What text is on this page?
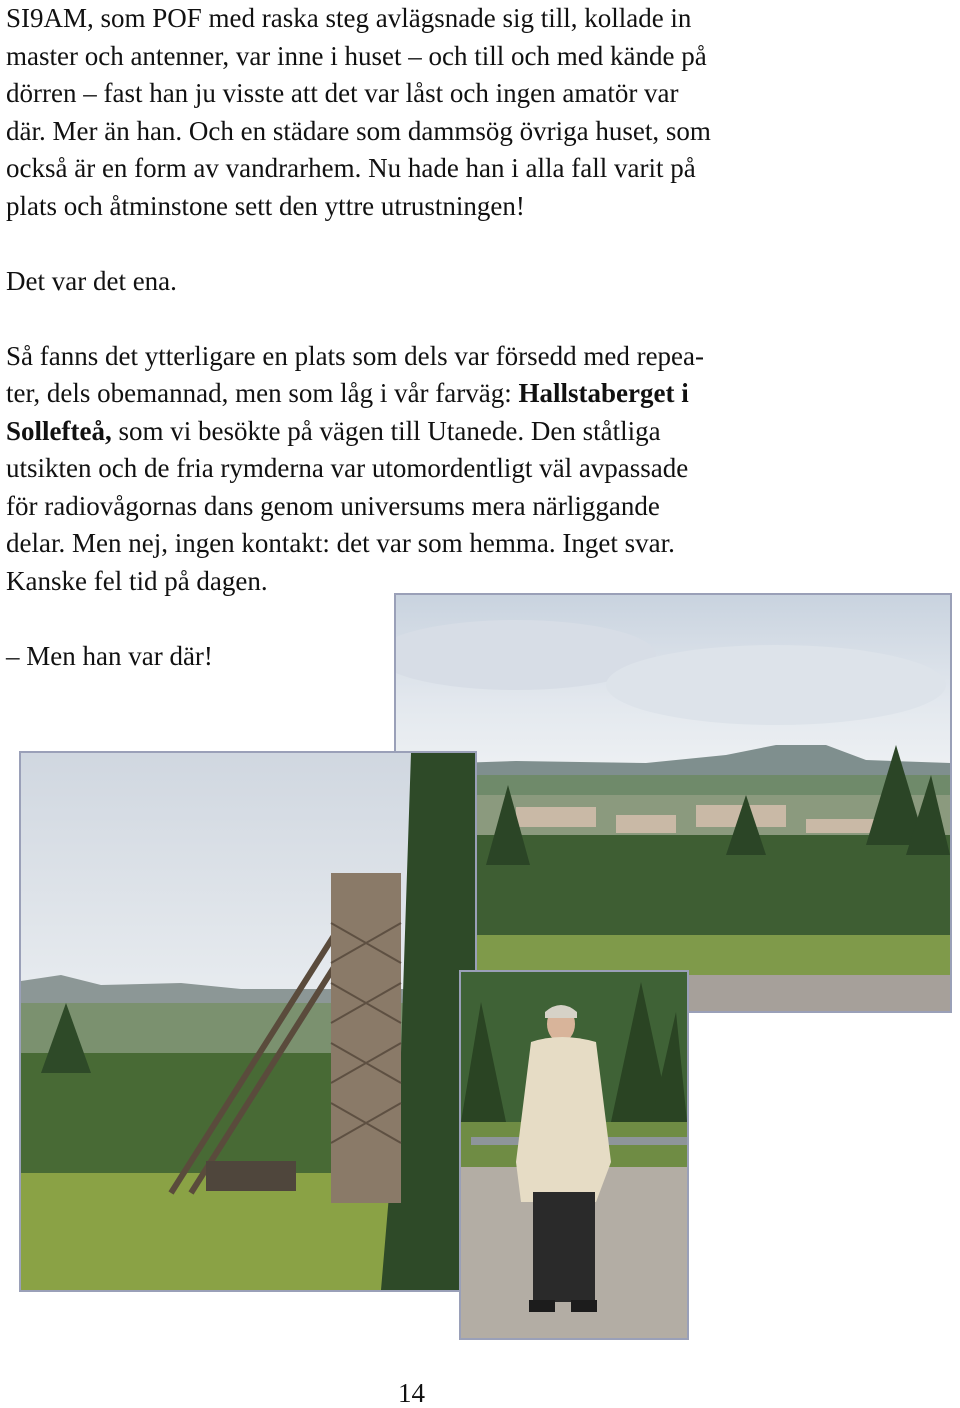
SI9AM, som POF med raska steg avlägsnade sig till, kollade in
master och antenner, var inne i huset – och till och med kände på
dörren – fast han ju visste att det var låst och ingen amatör var
där. Mer än han. Och en städare som dammsög övriga huset, som
också är en form av vandrarhem. Nu hade han i alla fall varit på
plats och åtminstone sett den yttre utrustningen!
Det var det ena.
Så fanns det ytterligare en plats som dels var försedd med repea-
ter, dels obemannad, men som låg i vår farväg: Hallstaberget i
Sollefteå, som vi besökte på vägen till Utanede. Den ståtliga
utsikten och de fria rymderna var utomordentligt väl avpassade
för radiovågornas dans genom universums mera närliggande
delar. Men nej, ingen kontakt: det var som hemma. Inget svar.
Kanske fel tid på dagen.
– Men han var där!
14
